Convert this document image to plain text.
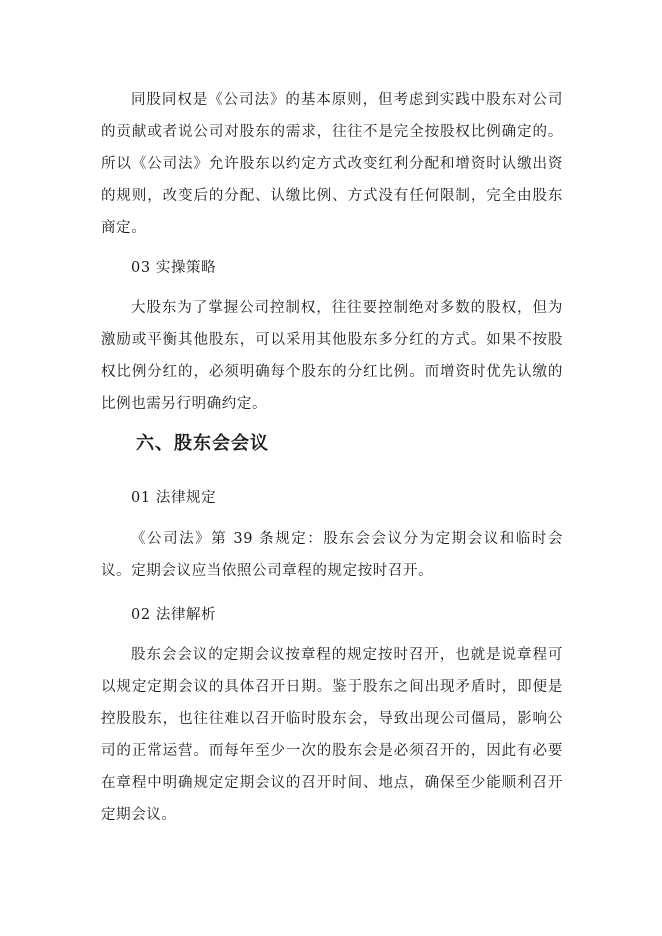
同股同权是《公司法》的基本原则，但考虑到实践中股东对公司的贡献或者说公司对股东的需求，往往不是完全按股权比例确定的。所以《公司法》允许股东以约定方式改变红利分配和增资时认缴出资的规则，改变后的分配、认缴比例、方式没有任何限制，完全由股东商定。

03 实操策略

大股东为了掌握公司控制权，往往要控制绝对多数的股权，但为激励或平衡其他股东，可以采用其他股东多分红的方式。如果不按股权比例分红的，必须明确每个股东的分红比例。而增资时优先认缴的比例也需另行明确约定。

六、股东会会议

01 法律规定

《公司法》第 39 条规定：股东会会议分为定期会议和临时会议。定期会议应当依照公司章程的规定按时召开。

02 法律解析

股东会会议的定期会议按章程的规定按时召开，也就是说章程可以规定定期会议的具体召开日期。鉴于股东之间出现矛盾时，即便是控股股东，也往往难以召开临时股东会，导致出现公司僵局，影响公司的正常运营。而每年至少一次的股东会是必须召开的，因此有必要在章程中明确规定定期会议的召开时间、地点，确保至少能顺利召开定期会议。
